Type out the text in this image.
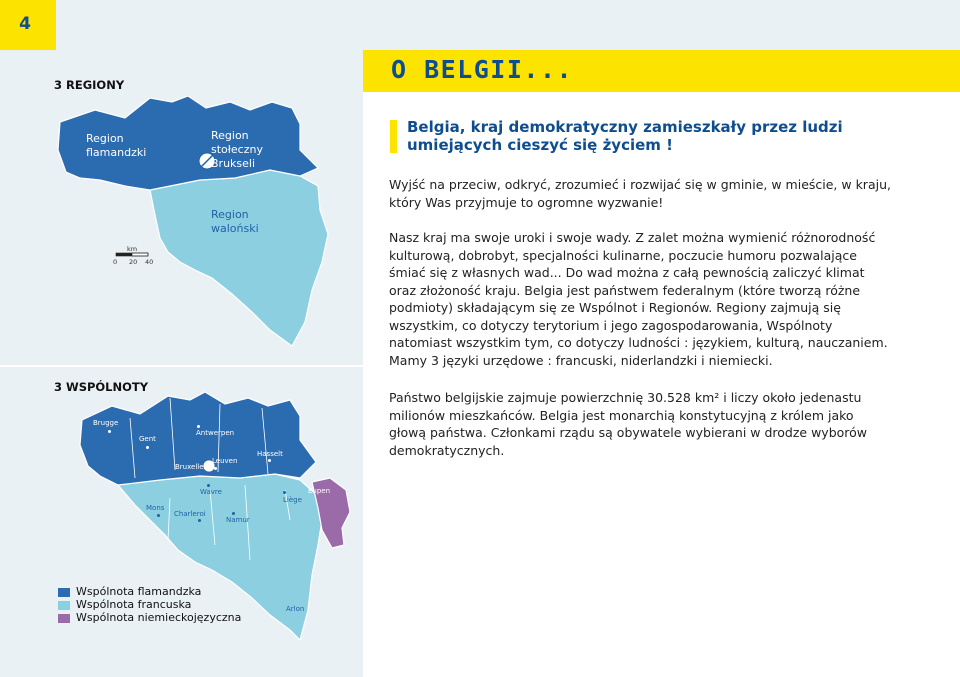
4
O BELGII...
3 REGIONY
3 WSPÓLNOTY
Region
flamandzki
Region
stołeczny
Brukseli
Region
waloński
km
0 20 40
Brugge
Gent
Antwerpen
Bruxelles
Leuven
Hasselt
Wavre	Eupen
Liège
Mons
Charleroi
Namur
Arlon
Wspólnota flamandzka
Wspólnota francuska
Wspólnota niemieckojęzyczna
Belgia, kraj demokratyczny zamieszkały przez ludzi umiejących cieszyć się życiem !

Wyjść na przeciw, odkryć, zrozumieć i rozwijać się w gminie, w mieście, w kraju, który Was przyjmuje to ogromne wyzwanie!

Nasz kraj ma swoje uroki i swoje wady. Z zalet można wymienić różnorodność kulturową, dobrobyt, specjalności kulinarne, poczucie humoru pozwalające śmiać się z własnych wad... Do wad można z całą pewnością zaliczyć klimat oraz złożoność kraju. Belgia jest państwem federalnym (które tworzą różne podmioty) składającym się ze Wspólnot i Regionów. Regiony zajmują się wszystkim, co dotyczy terytorium i jego zagospodarowania, Wspólnoty natomiast wszystkim tym, co dotyczy ludności : językiem, kulturą, nauczaniem. Mamy 3 języki urzędowe : francuski, niderlandzki i niemiecki.

Państwo belgijskie zajmuje powierzchnię 30.528 km² i liczy około jedenastu milionów mieszkańców. Belgia jest monarchią konstytucyjną z królem jako głową państwa. Członkami rządu są obywatele wybierani w drodze wyborów demokratycznych.
